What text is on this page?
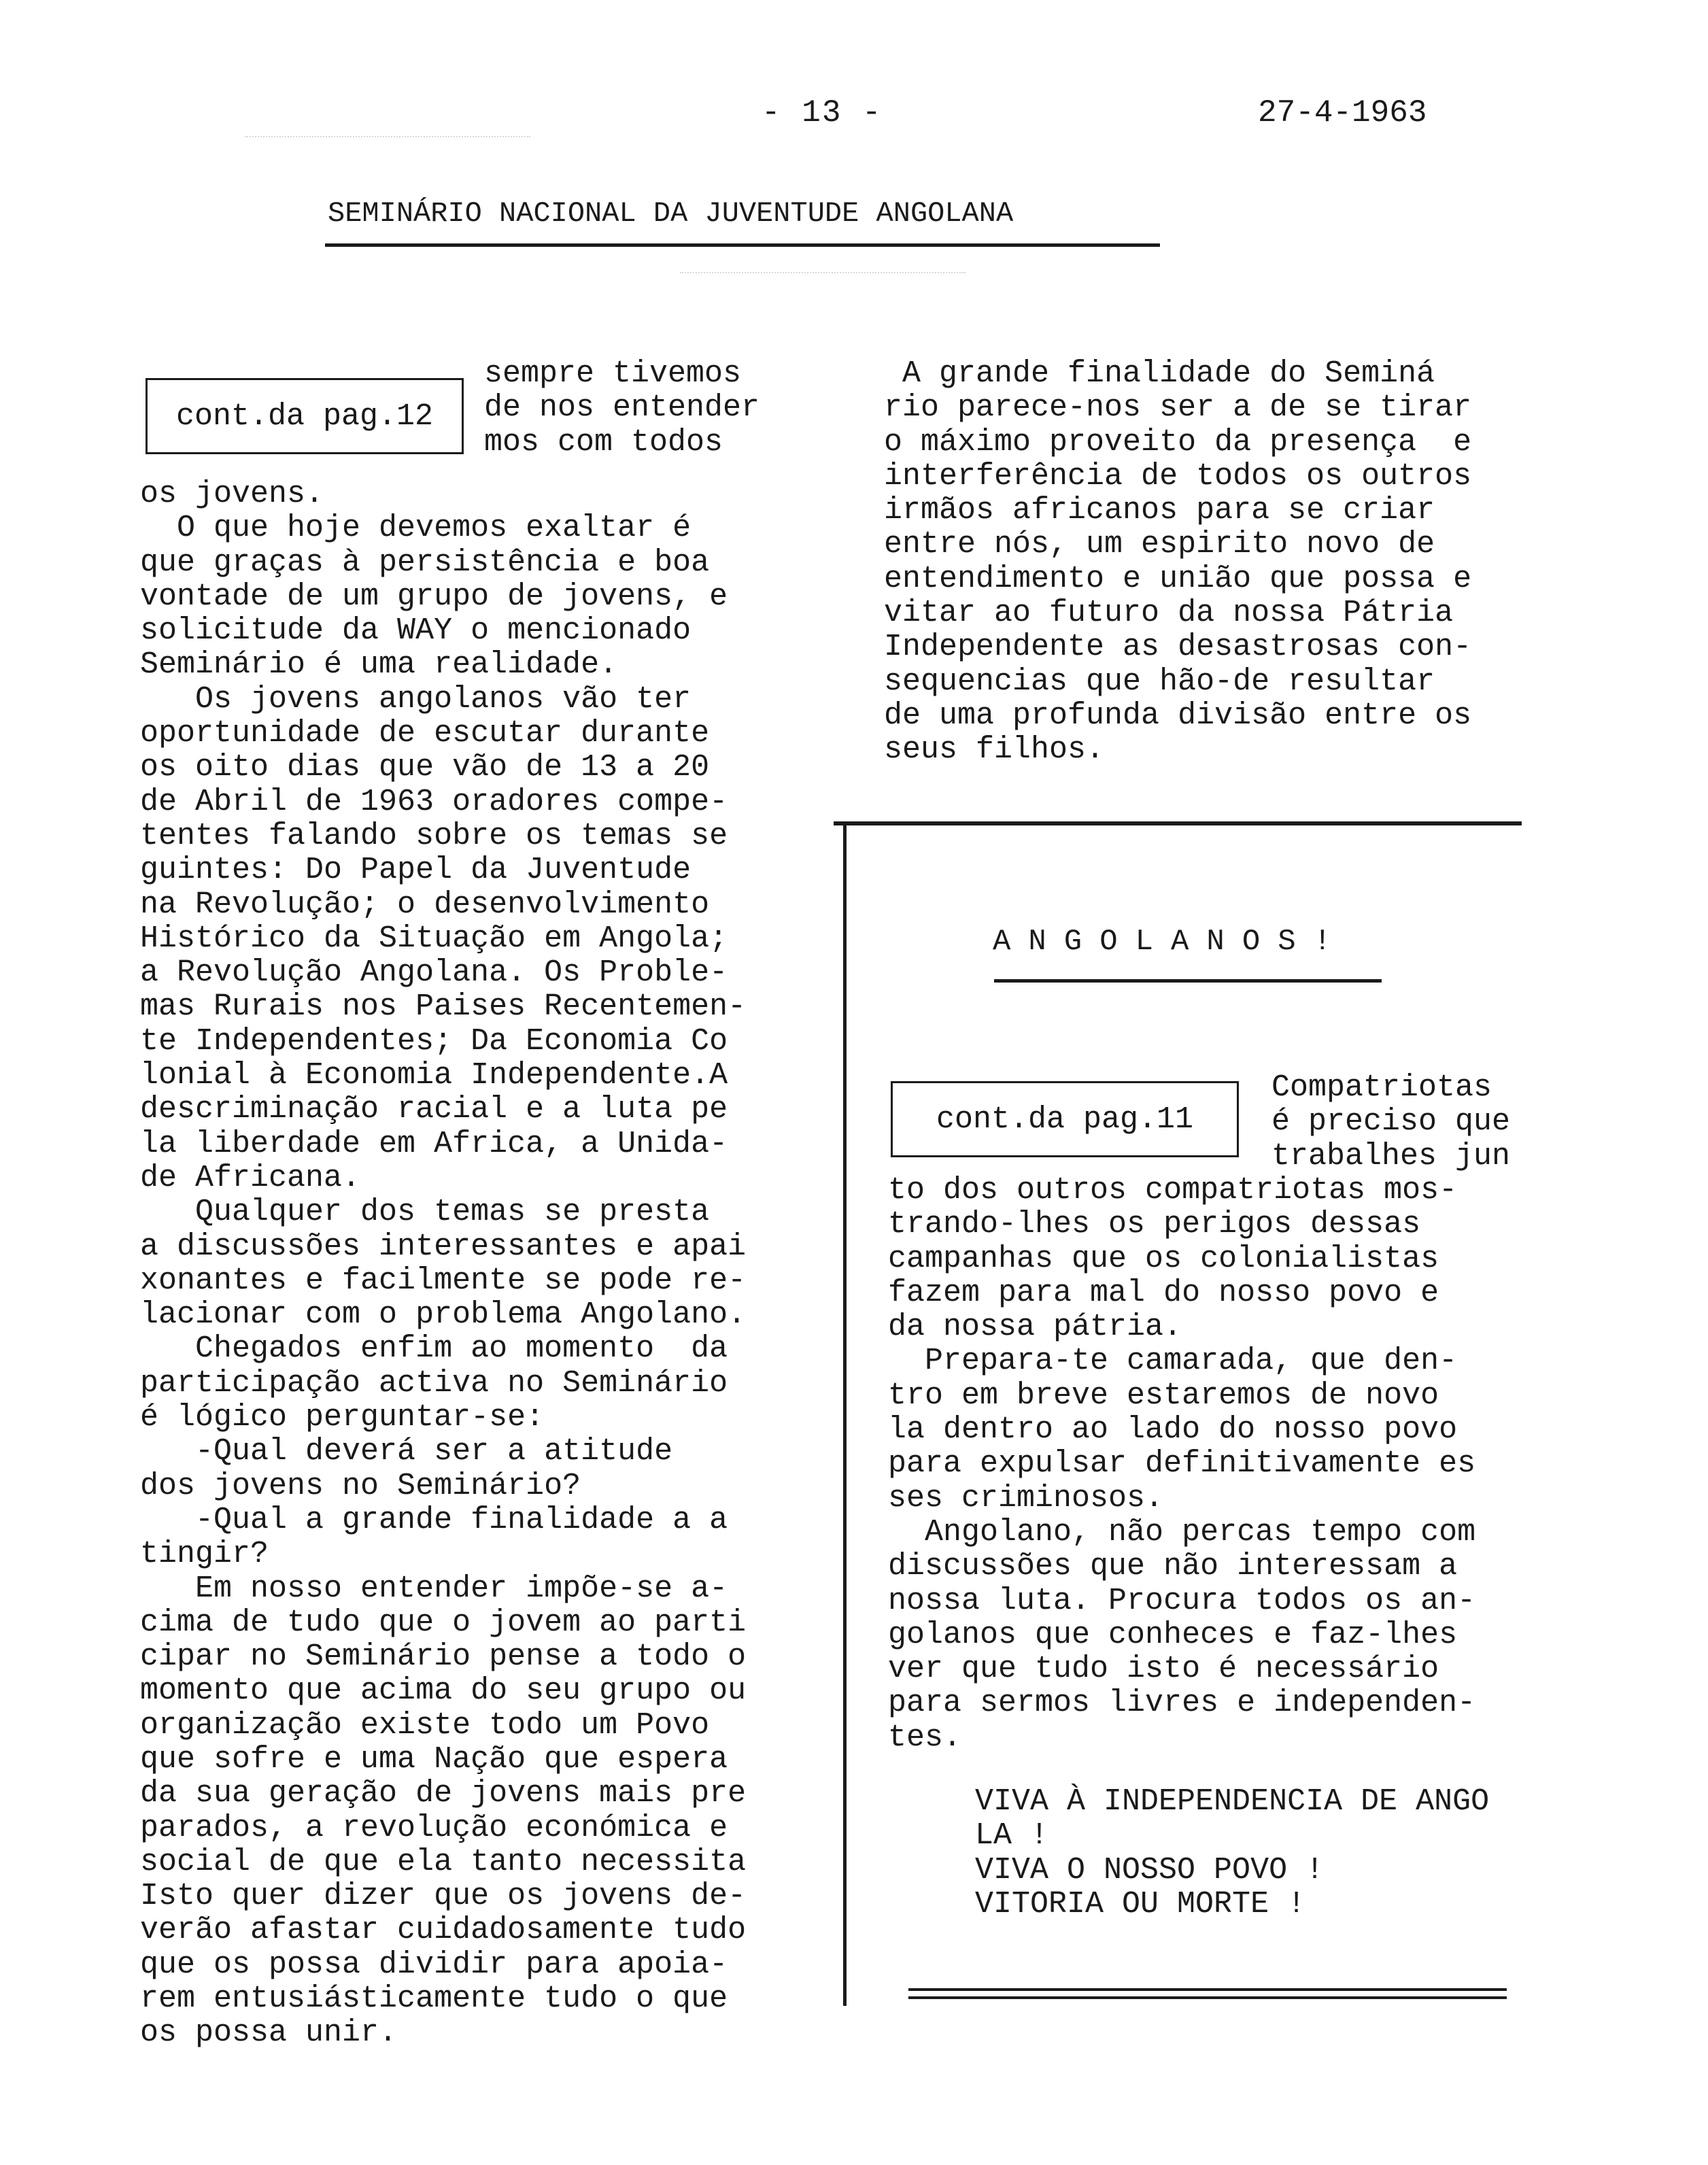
- 13 -	27-4-1963
SEMINÁRIO NACIONAL DA JUVENTUDE ANGOLANA
cont.da pag.12
sempre tivemos
de nos entender
mos com todos
os jovens.
O que hoje devemos exaltar é
que graças à persistência e boa
vontade de um grupo de jovens, e
solicitude da WAY o mencionado
Seminário é uma realidade.
Os jovens angolanos vão ter
oportunidade de escutar durante
os oito dias que vão de 13 a 20
de Abril de 1963 oradores compe-
tentes falando sobre os temas se
guintes: Do Papel da Juventude
na Revolução; o desenvolvimento
Histórico da Situação em Angola;
a Revolução Angolana. Os Proble-
mas Rurais nos Paises Recentemen-
te Independentes; Da Economia Co
lonial à Economia Independente.A
descriminação racial e a luta pe
la liberdade em Africa, a Unida-
de Africana.
Qualquer dos temas se presta
a discussões interessantes e apai
xonantes e facilmente se pode re-
lacionar com o problema Angolano.
Chegados enfim ao momento  da
participação activa no Seminário
é lógico perguntar-se:
-Qual deverá ser a atitude
dos jovens no Seminário?
-Qual a grande finalidade a a
tingir?
Em nosso entender impõe-se a-
cima de tudo que o jovem ao parti
cipar no Seminário pense a todo o
momento que acima do seu grupo ou
organização existe todo um Povo
que sofre e uma Nação que espera
da sua geração de jovens mais pre
parados, a revolução económica e
social de que ela tanto necessita
Isto quer dizer que os jovens de-
verão afastar cuidadosamente tudo
que os possa dividir para apoia-
rem entusiásticamente tudo o que
os possa unir.
A grande finalidade do Seminá
rio parece-nos ser a de se tirar
o máximo proveito da presença  e
interferência de todos os outros
irmãos africanos para se criar
entre nós, um espirito novo de
entendimento e união que possa e
vitar ao futuro da nossa Pátria
Independente as desastrosas con-
sequencias que hão-de resultar
de uma profunda divisão entre os
seus filhos.
ANGOLANOS!
cont.da pag.11
Compatriotas
é preciso que
trabalhes jun
to dos outros compatriotas mos-
trando-lhes os perigos dessas
campanhas que os colonialistas
fazem para mal do nosso povo e
da nossa pátria.
Prepara-te camarada, que den-
tro em breve estaremos de novo
la dentro ao lado do nosso povo
para expulsar definitivamente es
ses criminosos.
Angolano, não percas tempo com
discussões que não interessam a
nossa luta. Procura todos os an-
golanos que conheces e faz-lhes
ver que tudo isto é necessário
para sermos livres e independen-
tes.
VIVA À INDEPENDENCIA DE ANGO
LA !
VIVA O NOSSO POVO !
VITORIA OU MORTE !
